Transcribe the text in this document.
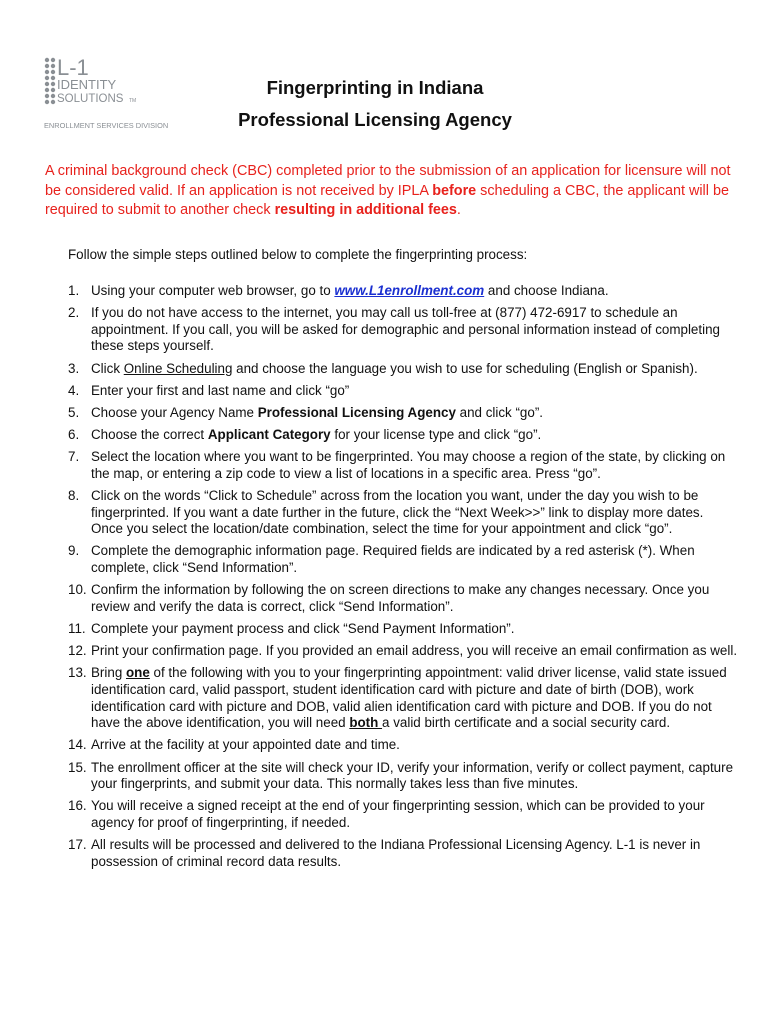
L-1
IDENTITY
SOLUTIONS TM
ENROLLMENT SERVICES DIVISION
Fingerprinting in Indiana
Professional Licensing Agency
A criminal background check (CBC) completed prior to the submission of an application for licensure will not be considered valid. If an application is not received by IPLA before scheduling a CBC, the applicant will be required to submit to another check resulting in additional fees.
Follow the simple steps outlined below to complete the fingerprinting process:
1. Using your computer web browser, go to www.L1enrollment.com and choose Indiana.
2. If you do not have access to the internet, you may call us toll-free at (877) 472-6917 to schedule an appointment. If you call, you will be asked for demographic and personal information instead of completing these steps yourself.
3. Click Online Scheduling and choose the language you wish to use for scheduling (English or Spanish).
4. Enter your first and last name and click “go”
5. Choose your Agency Name Professional Licensing Agency and click “go”.
6. Choose the correct Applicant Category for your license type and click “go”.
7. Select the location where you want to be fingerprinted. You may choose a region of the state, by clicking on the map, or entering a zip code to view a list of locations in a specific area. Press “go”.
8. Click on the words “Click to Schedule” across from the location you want, under the day you wish to be fingerprinted. If you want a date further in the future, click the “Next Week>>” link to display more dates. Once you select the location/date combination, select the time for your appointment and click “go”.
9. Complete the demographic information page. Required fields are indicated by a red asterisk (*). When complete, click “Send Information”.
10. Confirm the information by following the on screen directions to make any changes necessary. Once you review and verify the data is correct, click “Send Information”.
11. Complete your payment process and click “Send Payment Information”.
12. Print your confirmation page. If you provided an email address, you will receive an email confirmation as well.
13. Bring one of the following with you to your fingerprinting appointment: valid driver license, valid state issued identification card, valid passport, student identification card with picture and date of birth (DOB), work identification card with picture and DOB, valid alien identification card with picture and DOB. If you do not have the above identification, you will need both a valid birth certificate and a social security card.
14. Arrive at the facility at your appointed date and time.
15. The enrollment officer at the site will check your ID, verify your information, verify or collect payment, capture your fingerprints, and submit your data. This normally takes less than five minutes.
16. You will receive a signed receipt at the end of your fingerprinting session, which can be provided to your agency for proof of fingerprinting, if needed.
17. All results will be processed and delivered to the Indiana Professional Licensing Agency. L-1 is never in possession of criminal record data results.
